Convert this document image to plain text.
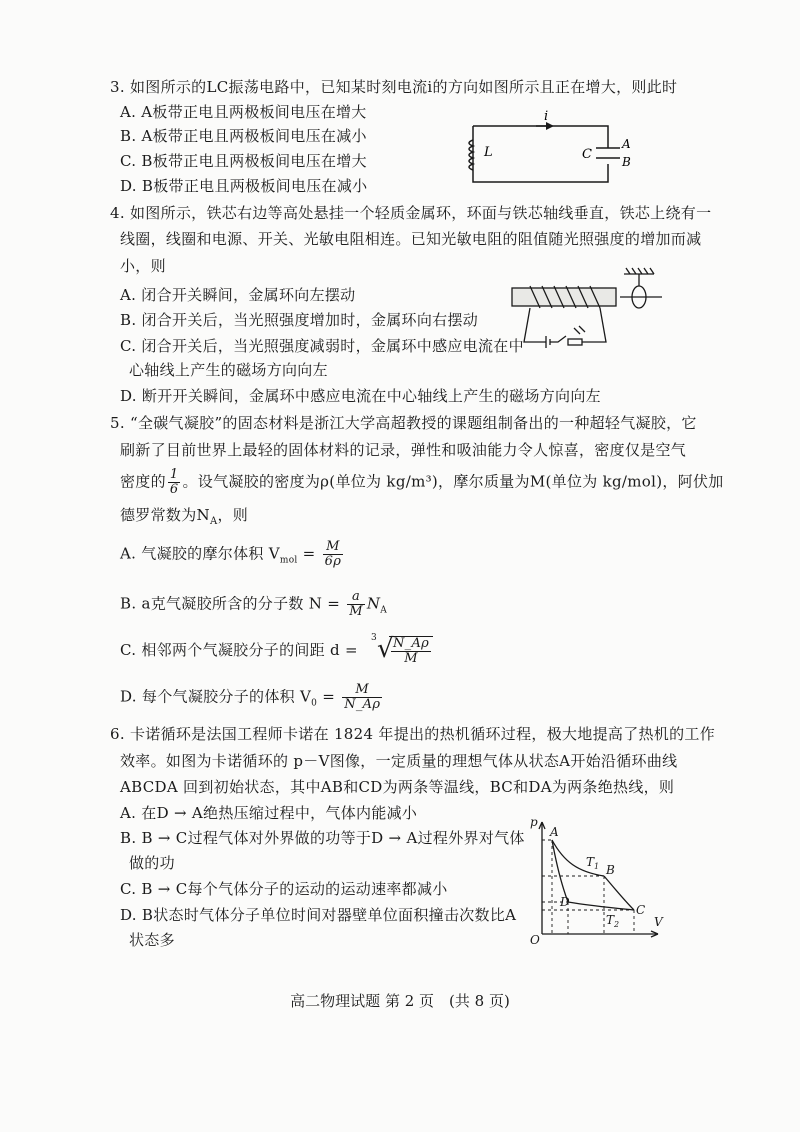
3. 如图所示的LC振荡电路中，已知某时刻电流i的方向如图所示且正在增大，则此时
A. A板带正电且两极板间电压在增大
B. A板带正电且两极板间电压在减小
C. B板带正电且两极板间电压在增大
D. B板带正电且两极板间电压在减小
i
L	C
A
B
4. 如图所示，铁芯右边等高处悬挂一个轻质金属环，环面与铁芯轴线垂直，铁芯上绕有一
线圈，线圈和电源、开关、光敏电阻相连。已知光敏电阻的阻值随光照强度的增加而减
小，则
A. 闭合开关瞬间，金属环向左摆动
B. 闭合开关后，当光照强度增加时，金属环向右摆动
C. 闭合开关后，当光照强度减弱时，金属环中感应电流在中
心轴线上产生的磁场方向向左
D. 断开开关瞬间，金属环中感应电流在中心轴线上产生的磁场方向向左
5. “全碳气凝胶”的固态材料是浙江大学高超教授的课题组制备出的一种超轻气凝胶，它
刷新了目前世界上最轻的固体材料的记录，弹性和吸油能力令人惊喜，密度仅是空气
密度的 $\frac{1}{6}$ 。设气凝胶的密度为ρ(单位为 kg/m³)，摩尔质量为M(单位为 kg/mol)，阿伏加
德罗常数为$N_A$，则
A. 气凝胶的摩尔体积 $V_{mol} = \frac{M}{6\rho}$
B. a克气凝胶所含的分子数 $N = \frac{a}{M} N_A$
C. 相邻两个气凝胶分子的间距 d =
3 √
$\frac{N\_A\rho}{M}$
D. 每个气凝胶分子的体积 $V_0 = \frac{M}{N\_A\rho}$
6. 卡诺循环是法国工程师卡诺在 1824 年提出的热机循环过程，极大地提高了热机的工作
效率。如图为卡诺循环的 p－V图像，一定质量的理想气体从状态A开始沿循环曲线
ABCDA 回到初始状态，其中AB和CD为两条等温线，BC和DA为两条绝热线，则
A. 在D → A绝热压缩过程中，气体内能减小
B. B → C过程气体对外界做的功等于D → A过程外界对气体
做的功
C. B → C每个气体分子的运动的运动速率都减小
D. B状态时气体分子单位时间对器壁单位面积撞击次数比A
状态多
p
V
O
A
B
C
D
$T_1$
$T_2$
高二物理试题 第 2 页　(共 8 页)
